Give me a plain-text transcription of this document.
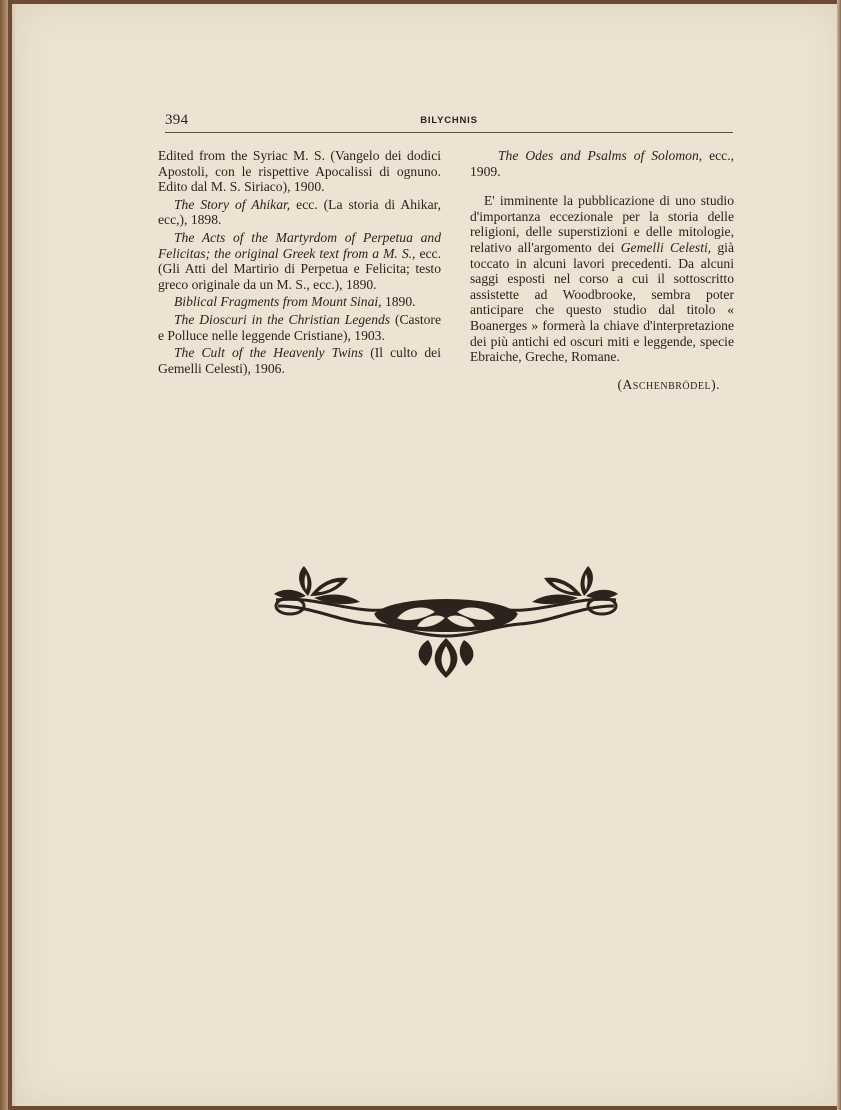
394	BILYCHNIS

Edited from the Syriac M. S. (Vangelo dei dodici Apostoli, con le rispettive Apocalissi di ognuno. Edito dal M. S. Siriaco), 1900.

The Story of Ahikar, ecc. (La storia di Ahikar, ecc,), 1898.

The Acts of the Martyrdom of Perpetua and Felicitas; the original Greek text from a M. S., ecc. (Gli Atti del Martirio di Perpetua e Felicita; testo greco originale da un M. S., ecc.), 1890.

Biblical Fragments from Mount Sinai, 1890.

The Dioscuri in the Christian Legends (Castore e Polluce nelle leggende Cristiane), 1903.

The Cult of the Heavenly Twins (Il culto dei Gemelli Celesti), 1906.

The Odes and Psalms of Solomon, ecc., 1909.

E' imminente la pubblicazione di uno studio d'importanza eccezionale per la storia delle religioni, delle superstizioni e delle mitologie, relativo all'argomento dei Gemelli Celesti, già toccato in alcuni lavori precedenti. Da alcuni saggi esposti nel corso a cui il sottoscritto assistette ad Woodbrooke, sembra poter anticipare che questo studio dal titolo « Boanerges » formerà la chiave d'interpretazione dei più antichi ed oscuri miti e leggende, specie Ebraiche, Greche, Romane.

(Aschenbrödel).
